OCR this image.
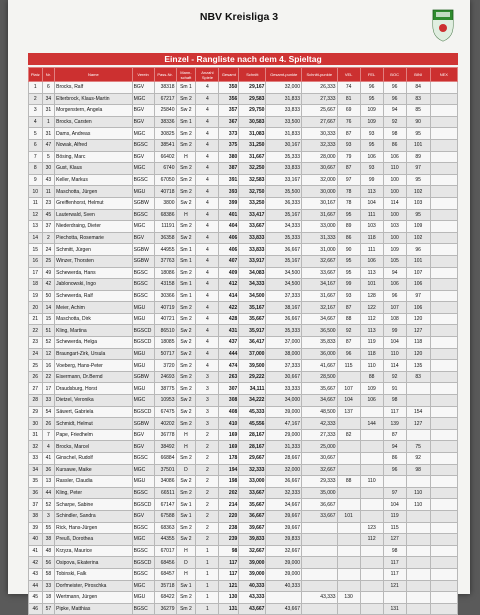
NBV Kreisliga 3
Einzel - Rangliste nach dem 4. Spieltag
Platz	Nr.	Name	Verein	Pass-Nr.	Mann-schaft	Anzahl Spiele	Gesamt	Schnitt	Gesamt-punkte	Schnitt-punkte	VEL	FEL	BOC	BINI	NEX
1	6	Brocks, Ralf	BGV	38318	Sm 1	4	350	29,167	32,000	26,333	74	96	96	84	
2	34	Elterbrock, Klaus-Martin	MGC	67217	Sm 2	4	356	29,583	31,833	27,333	81	95	96	83	
3	31	Morgenstern, Angela	BGV	25840	Sw 2	4	357	29,750	33,833	25,667	69	109	94	85	
4	1	Brocks, Carsten	BGV	38336	Sm 1	4	367	30,583	33,500	27,667	76	109	92	90	
5	31	Dams, Andreas	MGC	30825	Sm 2	4	373	31,083	31,833	30,333	87	93	98	95	
6	47	Nowak, Alfred	BGSC	38541	Sm 2	4	375	31,250	30,167	32,333	93	95	86	101	
7	5	Bösing, Marc	BGV	66402	H	4	380	31,667	35,333	28,000	79	106	106	89	
8	30	Gust, Klaus	MGC	6740	Sm 2	4	387	32,250	33,833	30,667	87	93	110	97	
9	43	Keller, Markus	BGSC	67050	Sm 2	4	391	32,583	33,167	32,000	97	99	100	95	
10	11	Maschotta, Jürgen	MGU	40718	Sm 2	4	393	32,750	35,500	30,000	78	113	100	102	
11	23	Greiffenhorst, Helmut	SGBW	3800	Sw 2	4	399	33,250	36,333	30,167	78	104	114	103	
12	45	Lauterwald, Sven	BGSC	68386	H	4	401	33,417	35,167	31,667	95	111	100	95	
13	37	Niederdraing, Dieter	MGC	11191	Sm 2	4	404	33,667	34,333	33,000	89	103	103	109	
14	2	Piechotta, Rosemarie	BGV	36358	Sw 2	4	406	33,833	35,333	31,333	86	118	100	102	
15	24	Schmitt, Jürgen	SGBW	44955	Sm 1	4	406	33,833	36,667	31,000	90	111	109	96	
16	25	Winzer, Thorsten	SGBW	37763	Sm 1	4	407	33,917	35,167	32,667	95	106	105	101	
17	49	Schewerda, Hans	BGSC	18086	Sm 2	4	409	34,083	34,500	33,667	95	113	94	107	
18	42	Jablonowski, Ingo	BGSC	43158	Sm 1	4	412	34,333	34,500	34,167	99	101	106	106	
19	50	Schewerda, Ralf	BGSC	30366	Sm 1	4	414	34,500	37,333	31,667	93	128	96	97	
20	14	Meier, Achim	MGU	40719	Sm 2	4	422	35,167	38,167	32,167	87	122	107	106	
21	15	Maschotta, Dirk	MGU	40721	Sm 2	4	428	35,667	36,667	34,667	88	112	108	120	
22	51	Kling, Martina	BGSCD	86510	Sw 2	4	431	35,917	35,333	36,500	92	113	99	127	
23	52	Schewerda, Helga	BGSCD	18085	Sw 2	4	437	36,417	37,000	35,833	87	119	104	118	
24	12	Braungart-Zirk, Ursula	MGU	50717	Sw 2	4	444	37,000	38,000	36,000	96	118	110	120	
25	16	Voeberg, Hans-Peter	MGU	3720	Sm 2	4	474	39,500	37,333	41,667	115	110	114	135	
26	22	Eisermann, Dr.Bernd	SGBW	24693	Sm 2	3	263	29,222	30,667	28,500		88	92	83	
27	17	Draudsburg, Horst	MGU	38775	Sm 2	3	307	34,111	33,333	35,667	107	109	91		
28	33	Dietzel, Veronika	MGC	10953	Sw 2	3	308	34,222	34,000	34,667	104	106	98		
29	54	Säwert, Gabriela	BGSCD	67475	Sw 2	3	408	45,333	39,000	48,500	137		117	154	
30	26	Schmidt, Helmut	SGBW	40202	Sm 2	3	410	45,556	47,167	42,333		144	139	127	
31	7	Pape, Friedhelm	BGV	36778	H	2	169	28,167	29,000	27,333	82		87		
32	4	Brocks, Marcel	BGV	38492	H	2	169	28,167	31,333	25,000			94	75	
33	41	Ginschel, Rudolf	BGSC	66884	Sm 2	2	178	29,667	28,667	30,667			86	92	
34	36	Kursawe, Maike	MGC	37501	D	2	194	32,333	32,000	32,667			96	98	
35	13	Rassler, Claudia	MGU	34086	Sw 2	2	198	33,000	36,667	29,333	88	110			
36	44	Kling, Peter	BGSC	66511	Sm 2	2	202	33,667	32,333	35,000			97	110	
37	52	Scharpe, Sabine	BGSCD	67147	Sw 1	2	214	35,667	34,667	36,667			104	110	
38	3	Schindler, Sandra	BGV	67588	Sw 1	2	220	36,667	39,667	33,667	101		119		
39	55	Rick, Hans-Jürgen	BGSC	68363	Sm 2	2	238	39,667	39,667			123	115		
40	38	Preuß, Dorothea	MGC	44355	Sw 2	2	239	39,833	39,833			112	127		
41	48	Krzyza, Maurice	BGSC	67017	H	1	98	32,667	32,667				98		
42	56	Osipova, Ekaterina	BGSCD	68456	D	1	117	39,000	39,000				117		
43	58	Tobinski, Falk	BGSC	68457	H	1	117	39,000	39,000				117		
44	33	Dorfmeister, Piroschka	MGC	35718	Sw 1	1	121	40,333	40,333				121		
45	18	Wertmann, Jürgen	MGU	68422	Sm 2	1	130	43,333		43,333	130				
46	57	Pipke, Matthias	BGSC	36279	Sm 2	1	131	43,667	43,667				131		
